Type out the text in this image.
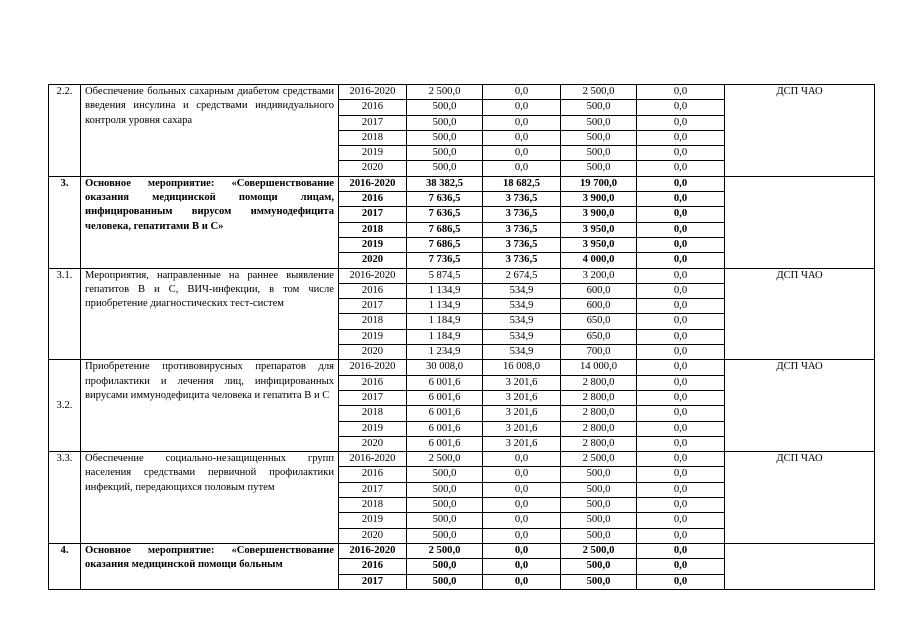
2.2.	Обеспечение больных сахарным диабетом средствами введения инсулина и средствами индивидуального контроля уровня сахара	2016-2020	2 500,0	0,0	2 500,0	0,0	ДСП ЧАО
		2016	500,0	0,0	500,0	0,0	
		2017	500,0	0,0	500,0	0,0	
		2018	500,0	0,0	500,0	0,0	
		2019	500,0	0,0	500,0	0,0	
		2020	500,0	0,0	500,0	0,0	
3.	Основное мероприятие: «Совершенствование оказания медицинской помощи лицам, инфицированным вирусом иммунодефицита человека, гепатитами В и С»	2016-2020	38 382,5	18 682,5	19 700,0	0,0	
		2016	7 636,5	3 736,5	3 900,0	0,0	
		2017	7 636,5	3 736,5	3 900,0	0,0	
		2018	7 686,5	3 736,5	3 950,0	0,0	
		2019	7 686,5	3 736,5	3 950,0	0,0	
		2020	7 736,5	3 736,5	4 000,0	0,0	
3.1.	Мероприятия, направленные на раннее выявление гепатитов В и С, ВИЧ-инфекции, в том числе приобретение диагностических тест-систем	2016-2020	5 874,5	2 674,5	3 200,0	0,0	ДСП ЧАО
		2016	1 134,9	534,9	600,0	0,0	
		2017	1 134,9	534,9	600,0	0,0	
		2018	1 184,9	534,9	650,0	0,0	
		2019	1 184,9	534,9	650,0	0,0	
		2020	1 234,9	534,9	700,0	0,0	
3.2.	Приобретение противовирусных препаратов для профилактики и лечения лиц, инфицированных вирусами иммунодефицита человека и гепатита В и С	2016-2020	30 008,0	16 008,0	14 000,0	0,0	ДСП ЧАО
		2016	6 001,6	3 201,6	2 800,0	0,0	
		2017	6 001,6	3 201,6	2 800,0	0,0	
		2018	6 001,6	3 201,6	2 800,0	0,0	
		2019	6 001,6	3 201,6	2 800,0	0,0	
		2020	6 001,6	3 201,6	2 800,0	0,0	
3.3.	Обеспечение социально-незащищенных групп населения средствами первичной профилактики инфекций, передающихся половым путем	2016-2020	2 500,0	0,0	2 500,0	0,0	ДСП ЧАО
		2016	500,0	0,0	500,0	0,0	
		2017	500,0	0,0	500,0	0,0	
		2018	500,0	0,0	500,0	0,0	
		2019	500,0	0,0	500,0	0,0	
		2020	500,0	0,0	500,0	0,0	
4.	Основное мероприятие: «Совершенствование оказания медицинской помощи больным	2016-2020	2 500,0	0,0	2 500,0	0,0	
		2016	500,0	0,0	500,0	0,0	
		2017	500,0	0,0	500,0	0,0	
